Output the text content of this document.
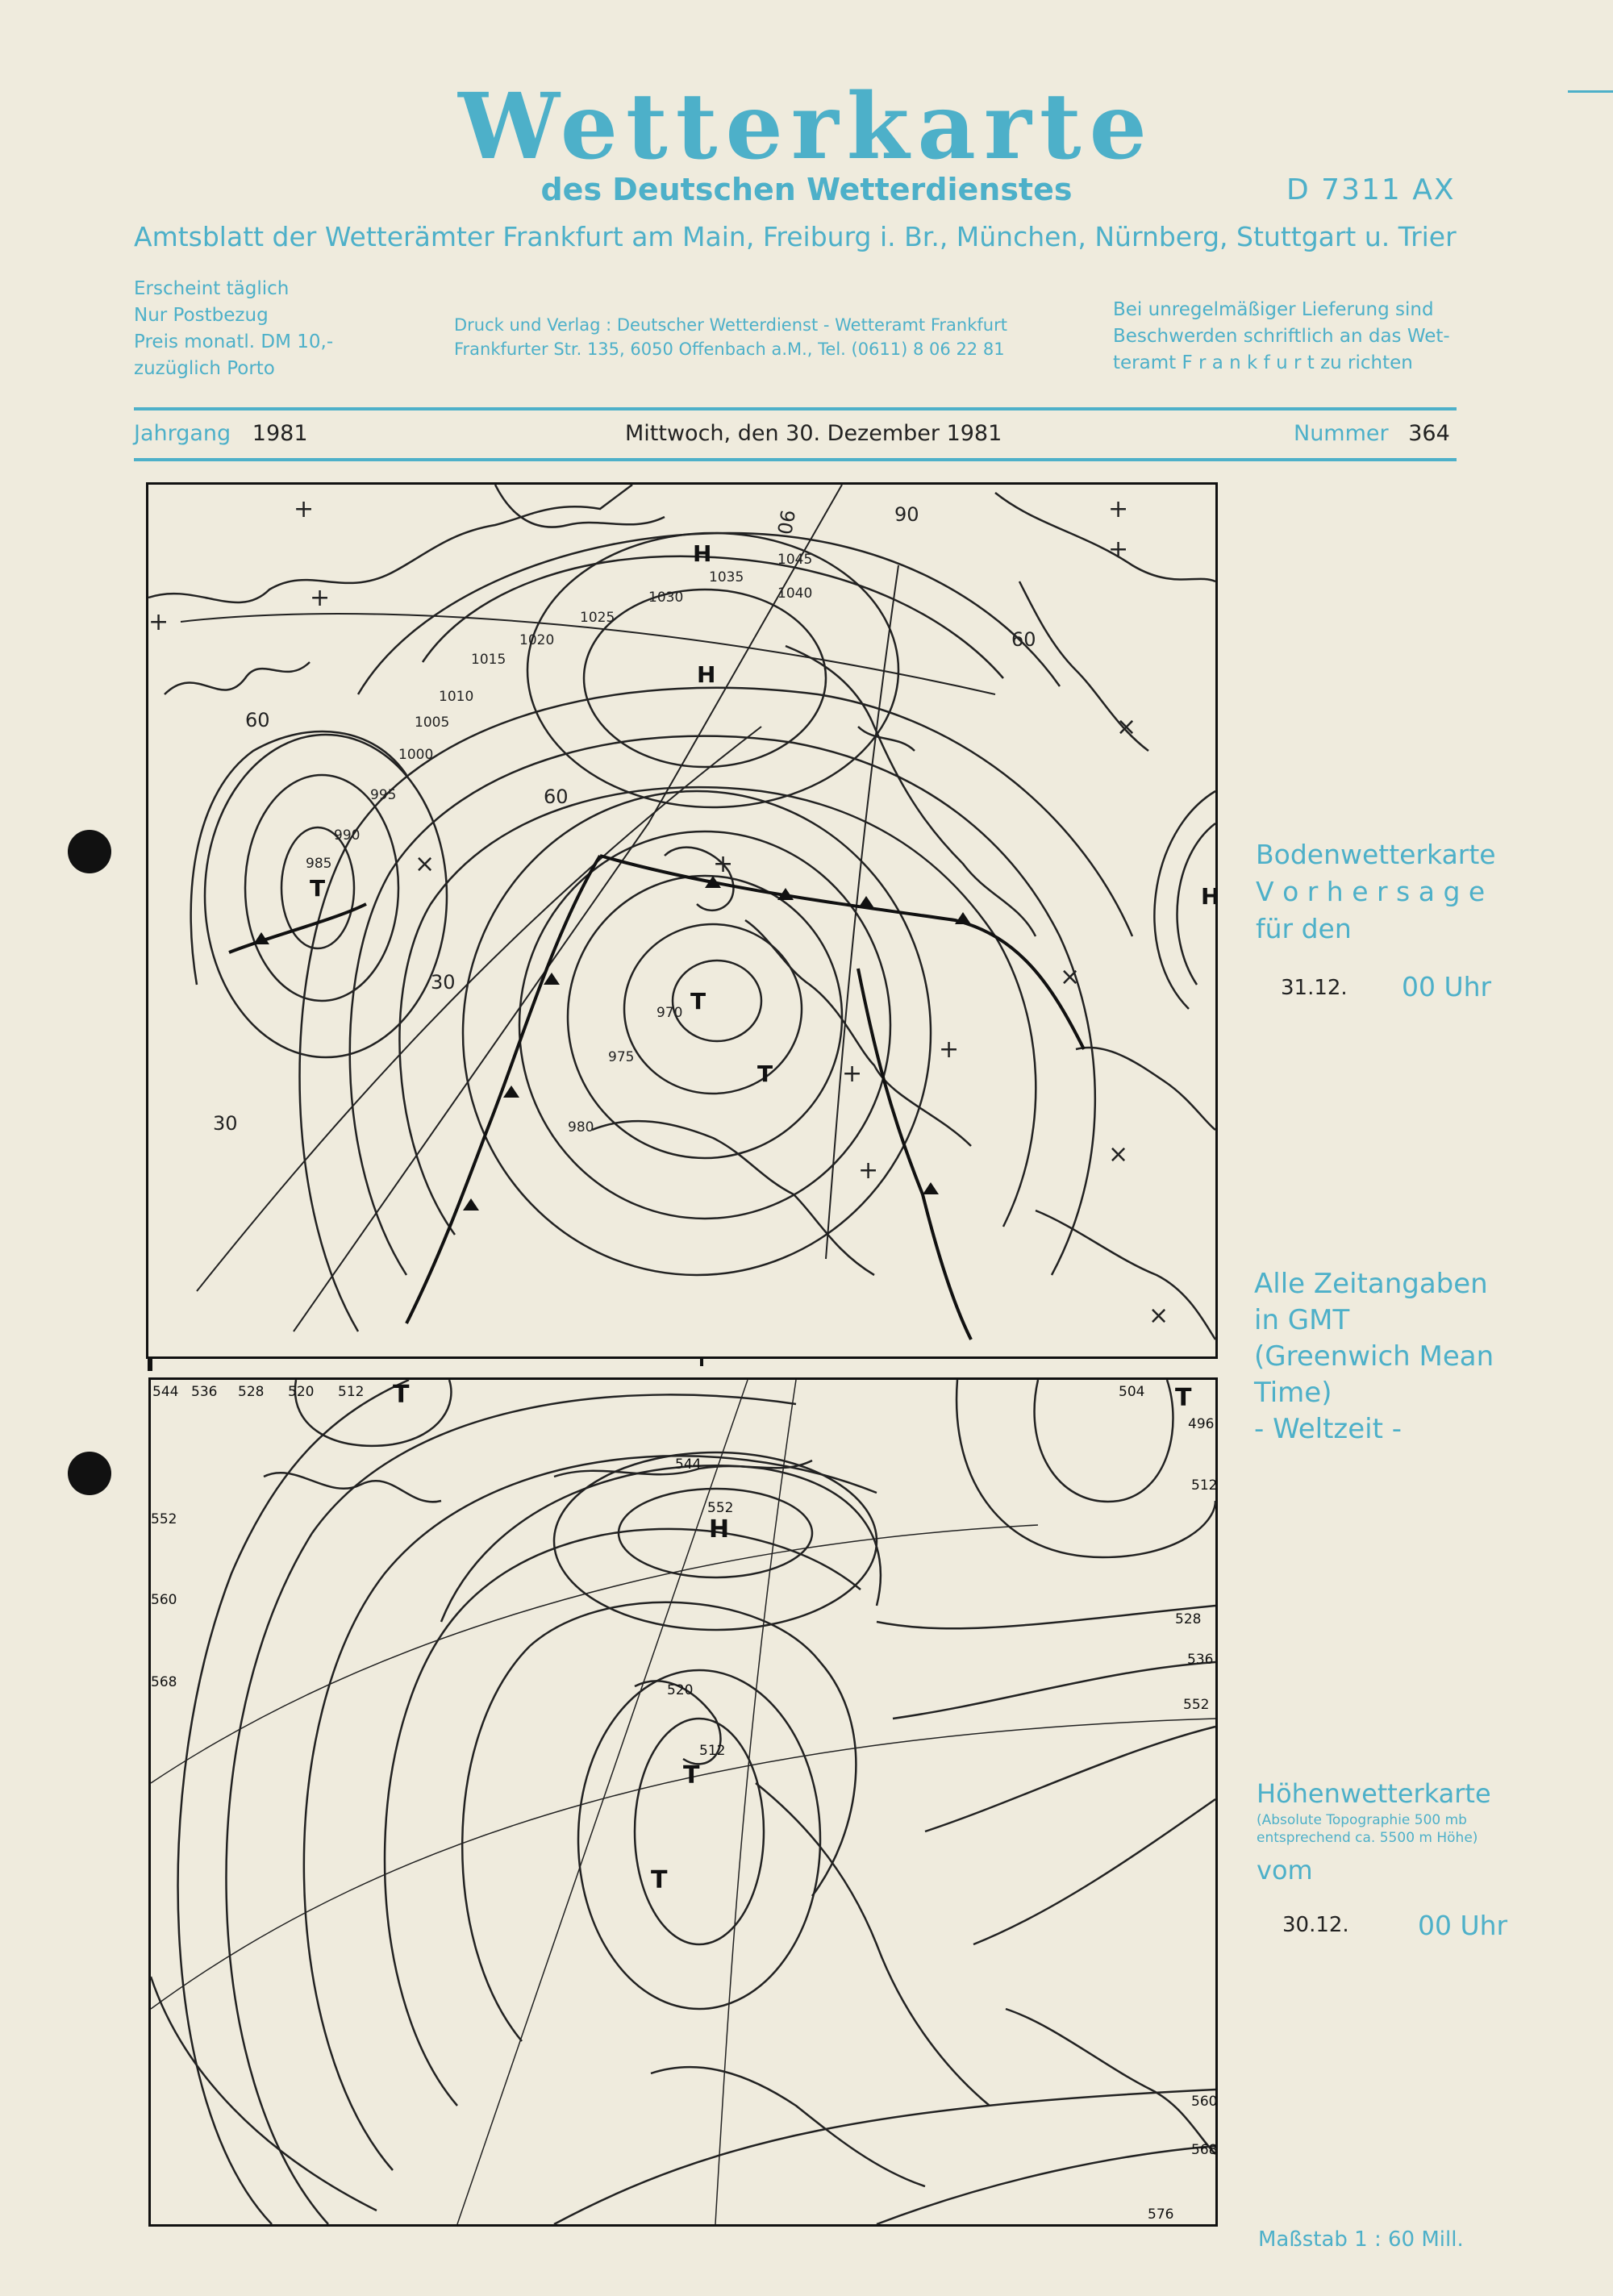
Wetterkarte
des Deutschen Wetterdienstes	D 7311 AX
Amtsblatt der Wetterämter Frankfurt am Main, Freiburg i. Br., München, Nürnberg, Stuttgart u. Trier
Erscheint täglich
Nur Postbezug
Preis monatl. DM 10,-
zuzüglich Porto
Druck und Verlag : Deutscher Wetterdienst - Wetteramt Frankfurt
Frankfurter Str. 135, 6050 Offenbach a.M., Tel. (0611) 8 06 22 81
Bei unregelmäßiger Lieferung sind
Beschwerden schriftlich an das Wet-
teramt F r a n k f u r t zu richten
Jahrgang 1981	Mittwoch, den 30. Dezember 1981	Nummer 364
+	+
+
×
+
+
×
+
+
+
+
×
×
×
1045
1040
1035
1030
1025
1020
1015
1010
1005
1000
995
990
985
980
975
970
H
H
H
T
T
T
90
60
60
30
30
90
60
544 536 528 520 512	504
496
552
560
568
576
552
544
520
512
512
528
536
552
560
568
H
T	T
T
T
Bodenwetterkarte
V o r h e r s a g e
für den
31.12. 00 Uhr
Alle Zeitangaben
in GMT
(Greenwich Mean
Time)
- Weltzeit -
Höhenwetterkarte
(Absolute Topographie 500 mb
entsprechend ca. 5500 m Höhe)
vom
30.12.	00 Uhr
Maßstab 1 : 60 Mill.
